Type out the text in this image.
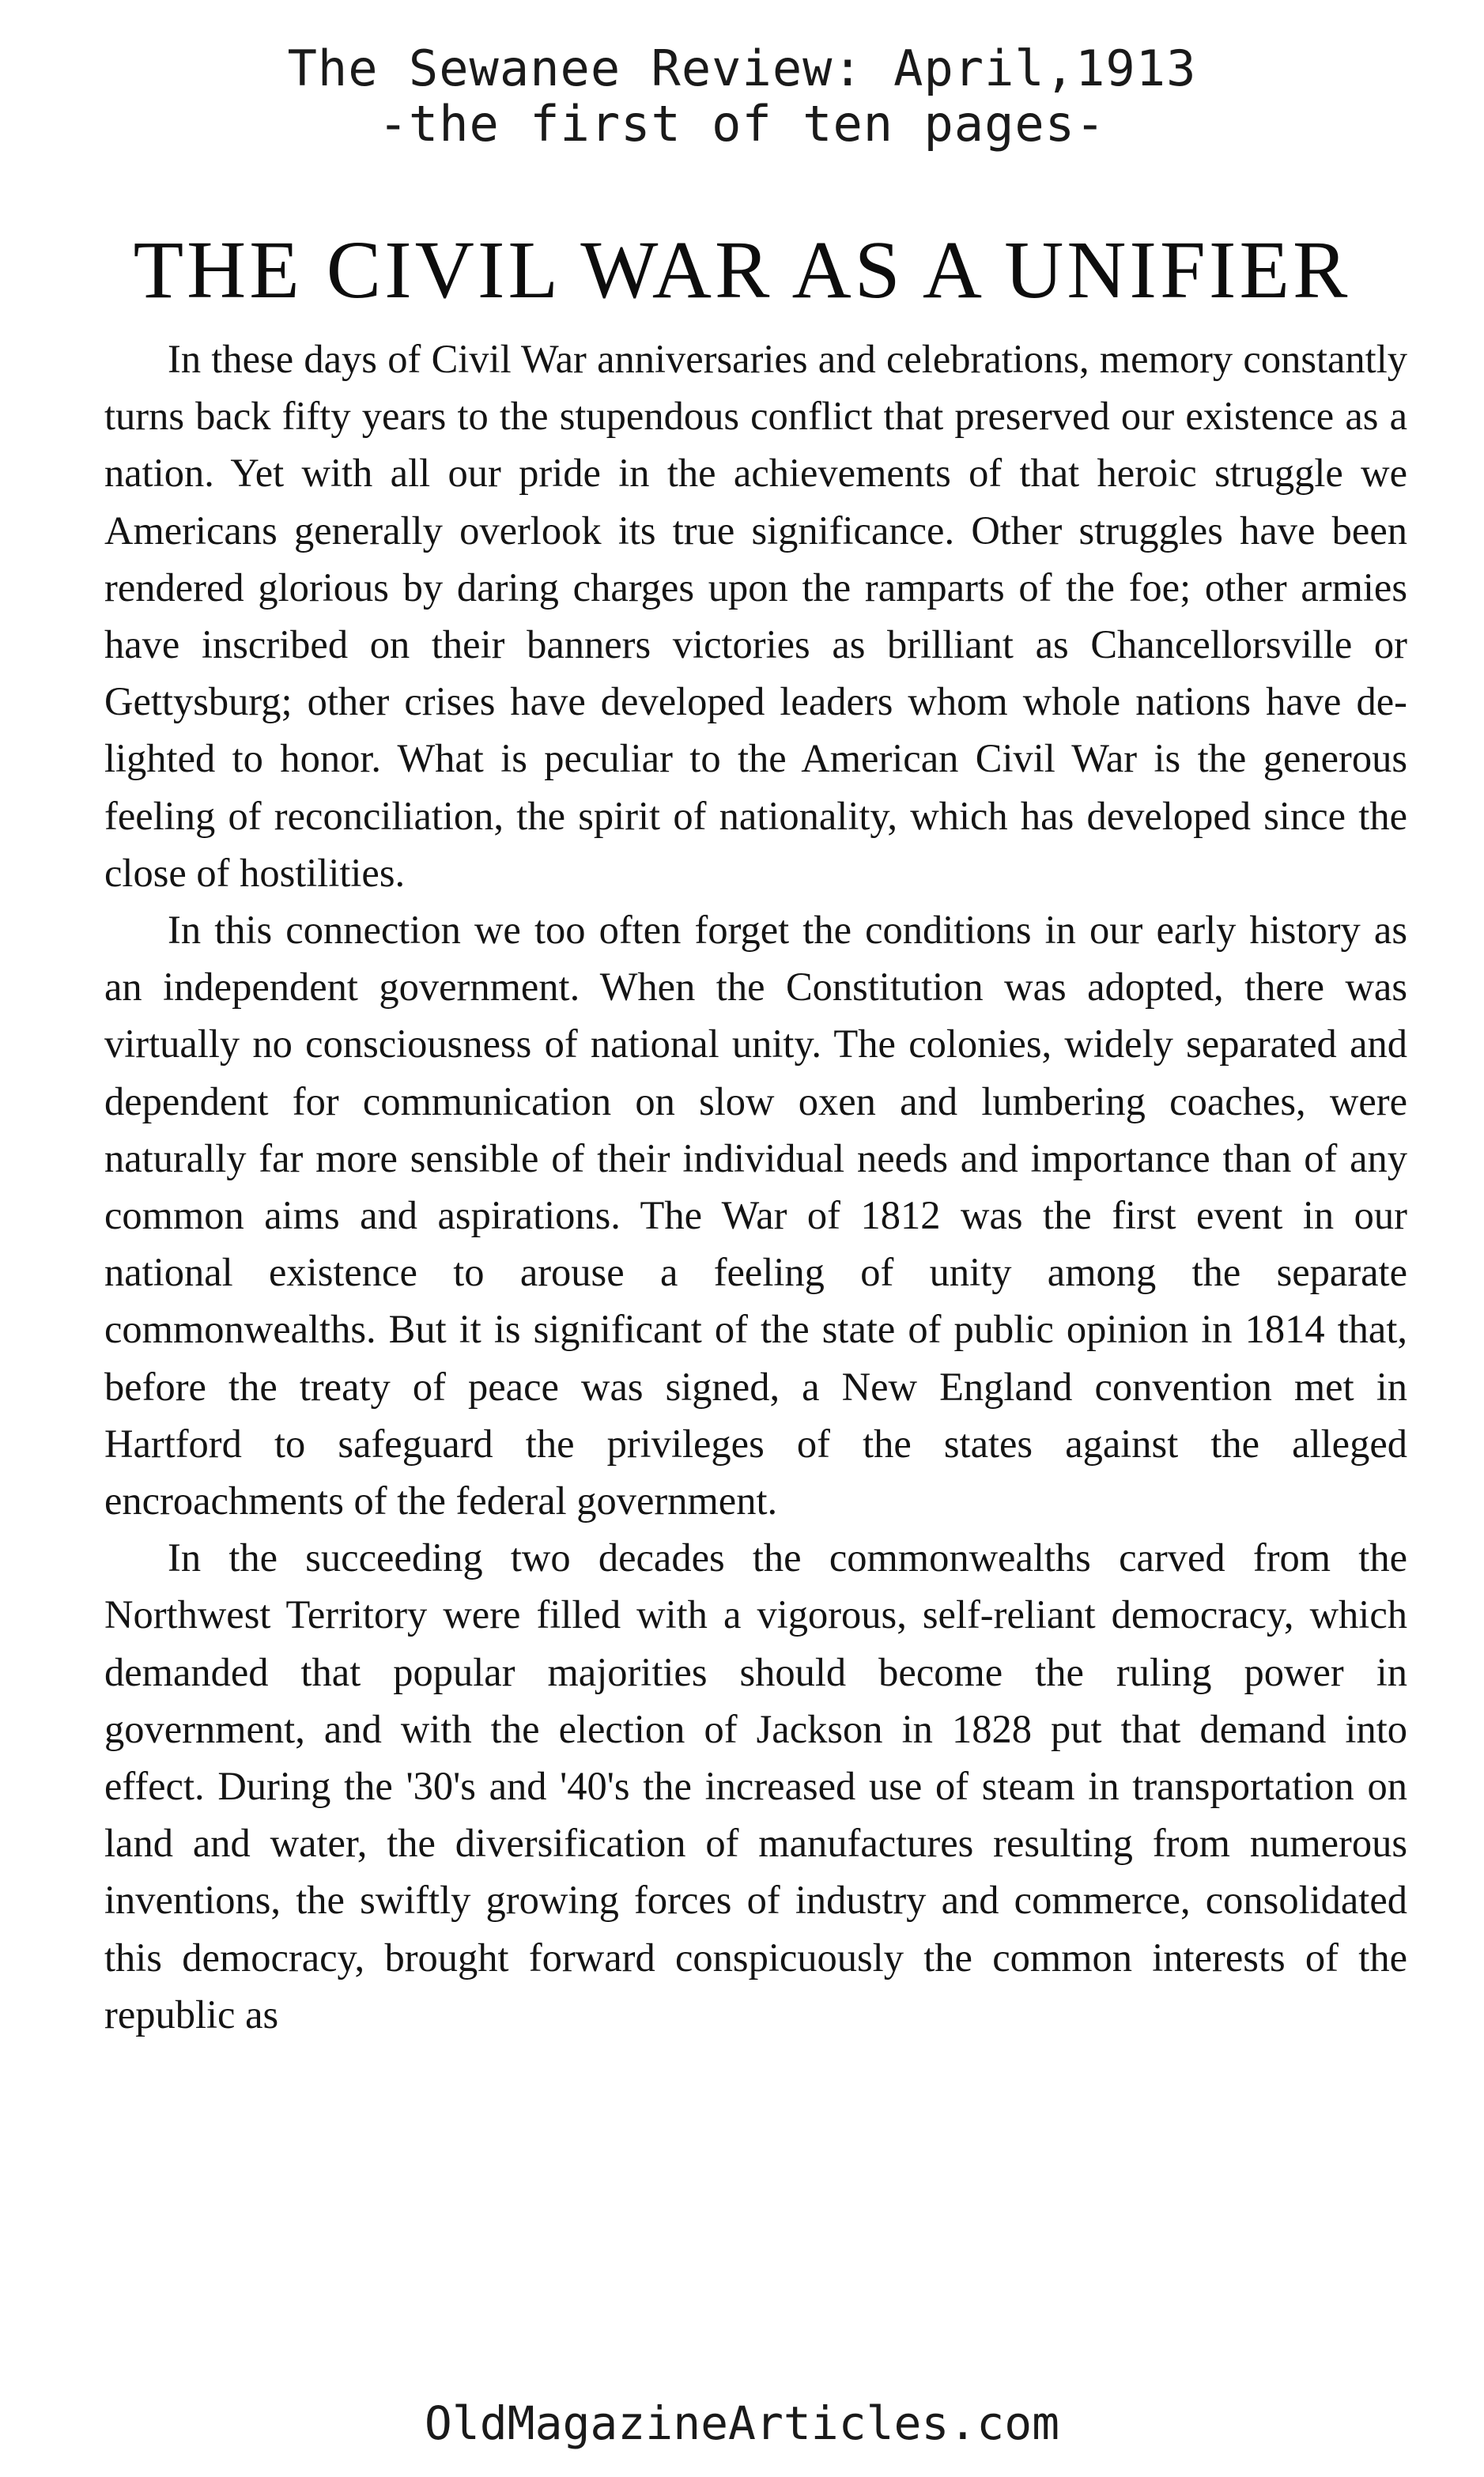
The Sewanee Review: April,1913
-the first of ten pages-
THE CIVIL WAR AS A UNIFIER

In these days of Civil War anniversaries and celebrations, memory constantly turns back fifty years to the stupendous conflict that preserved our existence as a nation. Yet with all our pride in the achievements of that heroic struggle we Americans generally overlook its true significance. Other struggles have been rendered glorious by daring charges upon the ramparts of the foe; other armies have inscribed on their banners victories as brilliant as Chancellorsville or Gettysburg; other crises have developed leaders whom whole nations have delighted to honor. What is peculiar to the American Civil War is the generous feeling of reconciliation, the spirit of nationality, which has developed since the close of hostilities.

In this connection we too often forget the conditions in our early history as an independent government. When the Constitution was adopted, there was virtually no consciousness of national unity. The colonies, widely separated and dependent for communication on slow oxen and lumbering coaches, were naturally far more sensible of their individual needs and importance than of any common aims and aspirations. The War of 1812 was the first event in our national existence to arouse a feeling of unity among the separate commonwealths. But it is significant of the state of public opinion in 1814 that, before the treaty of peace was signed, a New England convention met in Hartford to safeguard the privileges of the states against the alleged encroachments of the federal government.

In the succeeding two decades the commonwealths carved from the Northwest Territory were filled with a vigorous, self-reliant democracy, which demanded that popular majorities should become the ruling power in government, and with the election of Jackson in 1828 put that demand into effect. During the '30's and '40's the increased use of steam in transportation on land and water, the diversification of manufactures resulting from numerous inventions, the swiftly growing forces of industry and commerce, consolidated this democracy, brought forward conspicuously the common interests of the republic as

OldMagazineArticles.com
